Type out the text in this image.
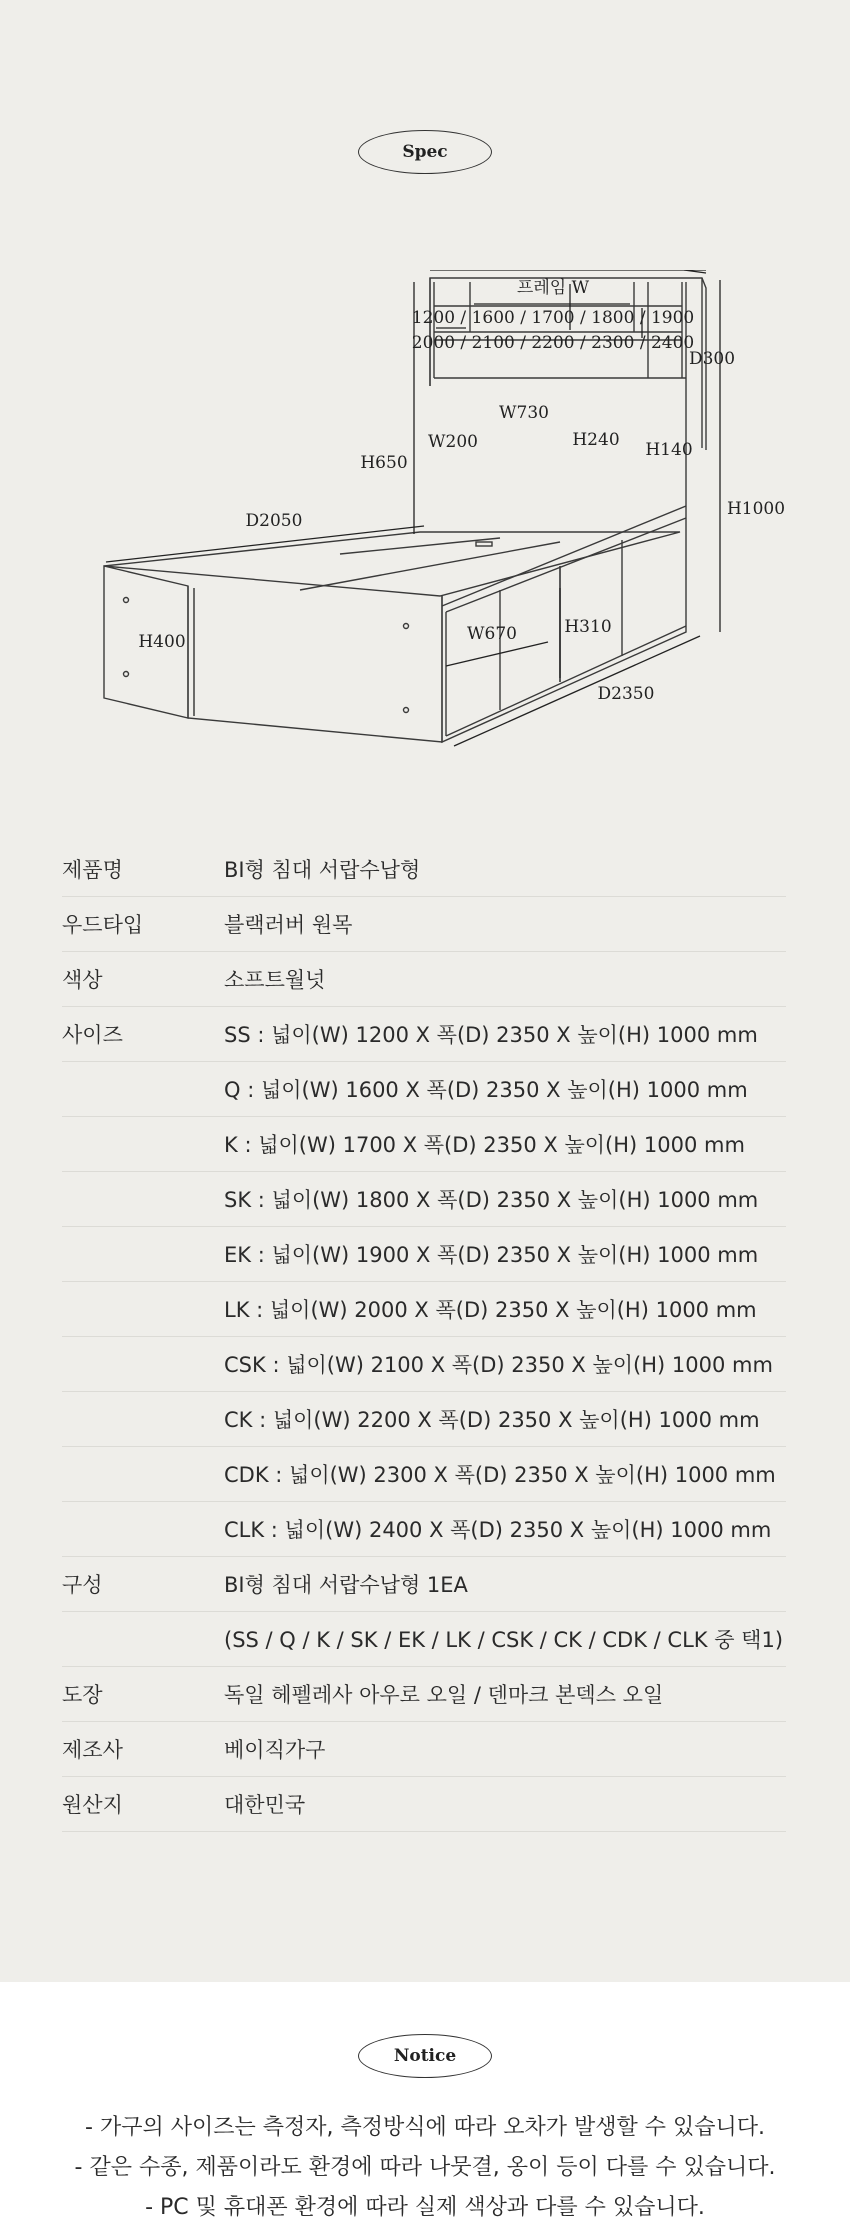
Spec
프레임 W
1200 / 1600 / 1700 / 1800 / 1900
2000 / 2100 / 2200 / 2300 / 2400
D300
W730
W200	H240 H140
H650
H1000
D2050
H400	W670	H310
D2350
제품명	BI형 침대 서랍수납형
우드타입	블랙러버 원목
색상	소프트월넛
사이즈	SS : 넓이(W) 1200 X 폭(D) 2350 X 높이(H) 1000 mm
Q : 넓이(W) 1600 X 폭(D) 2350 X 높이(H) 1000 mm
K : 넓이(W) 1700 X 폭(D) 2350 X 높이(H) 1000 mm
SK : 넓이(W) 1800 X 폭(D) 2350 X 높이(H) 1000 mm
EK : 넓이(W) 1900 X 폭(D) 2350 X 높이(H) 1000 mm
LK : 넓이(W) 2000 X 폭(D) 2350 X 높이(H) 1000 mm
CSK : 넓이(W) 2100 X 폭(D) 2350 X 높이(H) 1000 mm
CK : 넓이(W) 2200 X 폭(D) 2350 X 높이(H) 1000 mm
CDK : 넓이(W) 2300 X 폭(D) 2350 X 높이(H) 1000 mm
CLK : 넓이(W) 2400 X 폭(D) 2350 X 높이(H) 1000 mm
구성	BI형 침대 서랍수납형 1EA
(SS / Q / K / SK / EK / LK / CSK / CK / CDK / CLK 중 택1)
도장	독일 헤펠레사 아우로 오일 / 덴마크 본덱스 오일
제조사	베이직가구
원산지	대한민국
Notice
- 가구의 사이즈는 측정자, 측정방식에 따라 오차가 발생할 수 있습니다.
- 같은 수종, 제품이라도 환경에 따라 나뭇결, 옹이 등이 다를 수 있습니다.
- PC 및 휴대폰 환경에 따라 실제 색상과 다를 수 있습니다.
